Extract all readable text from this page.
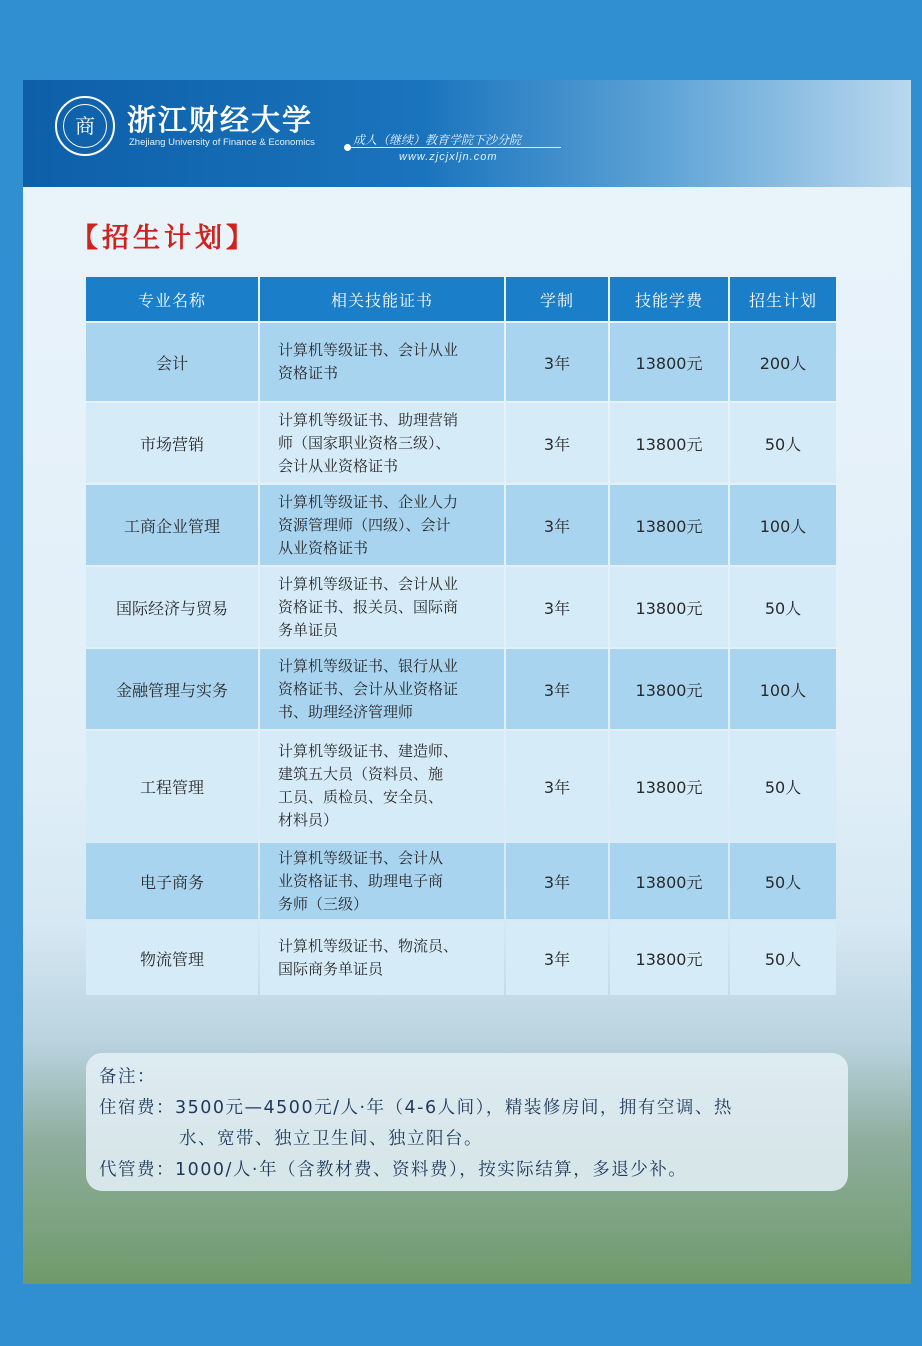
商	浙江财经大学
Zhejiang University of Finance & Economics	成人（继续）教育学院下沙分院
www.zjcjxljn.com
【招生计划】
专业名称	相关技能证书	学制	技能学费	招生计划
会计	计算机等级证书、会计从业
资格证书	3年	13800元	200人
市场营销	计算机等级证书、助理营销
师（国家职业资格三级）、
会计从业资格证书	3年	13800元	50人
工商企业管理	计算机等级证书、企业人力
资源管理师（四级）、会计
从业资格证书	3年	13800元	100人
国际经济与贸易	计算机等级证书、会计从业
资格证书、报关员、国际商
务单证员	3年	13800元	50人
金融管理与实务	计算机等级证书、银行从业
资格证书、会计从业资格证
书、助理经济管理师	3年	13800元	100人
工程管理	计算机等级证书、建造师、
建筑五大员（资料员、施
工员、质检员、安全员、
材料员）	3年	13800元	50人
电子商务	计算机等级证书、会计从
业资格证书、助理电子商
务师（三级）	3年	13800元	50人
物流管理	计算机等级证书、物流员、
国际商务单证员	3年	13800元	50人

备注：

住宿费：3500元—4500元/人·年（4-6人间），精装修房间，拥有空调、热

水、宽带、独立卫生间、独立阳台。

代管费：1000/人·年（含教材费、资料费），按实际结算，多退少补。
